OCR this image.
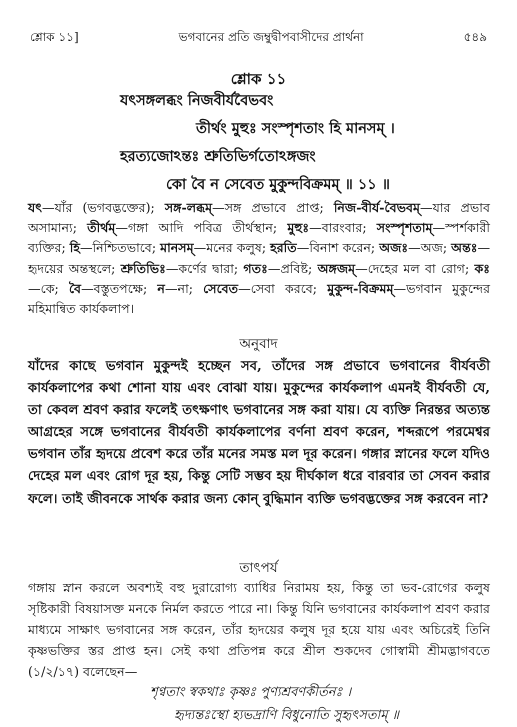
শ্লোক ১১]	ভগবানের প্রতি জম্বুদ্বীপবাসীদের প্রার্থনা	৫৪৯
শ্লোক ১১
যৎসঙ্গলব্ধং নিজবীর্যবৈভবং
তীর্থং মুহুঃ সংস্পৃশতাং হি মানসম্ ।
হরত্যজোঽন্তঃ শ্রুতিভির্গতোঽঙ্গজং
কো বৈ ন সেবেত মুকুন্দবিক্রমম্ ॥ ১১ ॥
যৎ—যাঁর (ভগবদ্ভক্তের); সঙ্গ-লব্ধম্—সঙ্গ প্রভাবে প্রাপ্ত; নিজ-বীর্য-বৈভবম্—যার প্রভাব অসামান্য; তীর্থম্—গঙ্গা আদি পবিত্র তীর্থস্থান; মুহুঃ—বারংবার; সংস্পৃশতাম্—স্পর্শকারী ব্যক্তির; হি—নিশ্চিতভাবে; মানসম্—মনের কলুষ; হরতি—বিনাশ করেন; অজঃ—অজ; অন্তঃ—হৃদয়ের অন্তস্থলে; শ্রুতিভিঃ—কর্ণের দ্বারা; গতঃ—প্রবিষ্ট; অঙ্গজম্—দেহের মল বা রোগ; কঃ—কে; বৈ—বস্তুতপক্ষে; ন—না; সেবেত—সেবা করবে; মুকুন্দ-বিক্রমম্—ভগবান মুকুন্দের মহিমান্বিত কার্যকলাপ।
অনুবাদ
যাঁদের কাছে ভগবান মুকুন্দই হচ্ছেন সব, তাঁদের সঙ্গ প্রভাবে ভগবানের বীর্যবতী কার্যকলাপের কথা শোনা যায় এবং বোঝা যায়। মুকুন্দের কার্যকলাপ এমনই বীর্যবতী যে, তা কেবল শ্রবণ করার ফলেই তৎক্ষণাৎ ভগবানের সঙ্গ করা যায়। যে ব্যক্তি নিরন্তর অত্যন্ত আগ্রহের সঙ্গে ভগবানের বীর্যবতী কার্যকলাপের বর্ণনা শ্রবণ করেন, শব্দরূপে পরমেশ্বর ভগবান তাঁর হৃদয়ে প্রবেশ করে তাঁর মনের সমস্ত মল দূর করেন। গঙ্গার স্নানের ফলে যদিও দেহের মল এবং রোগ দূর হয়, কিন্তু সেটি সম্ভব হয় দীর্ঘকাল ধরে বারবার তা সেবন করার ফলে। তাই জীবনকে সার্থক করার জন্য কোন্ বুদ্ধিমান ব্যক্তি ভগবদ্ভক্তের সঙ্গ করবেন না?
তাৎপর্য
গঙ্গায় স্নান করলে অবশ্যই বহু দুরারোগ্য ব্যাধির নিরাময় হয়, কিন্তু তা ভব-রোগের কলুষ সৃষ্টিকারী বিষয়াসক্ত মনকে নির্মল করতে পারে না। কিন্তু যিনি ভগবানের কার্যকলাপ শ্রবণ করার মাধ্যমে সাক্ষাৎ ভগবানের সঙ্গ করেন, তাঁর হৃদয়ের কলুষ দূর হয়ে যায় এবং অচিরেই তিনি কৃষ্ণভক্তির স্তর প্রাপ্ত হন। সেই কথা প্রতিপন্ন করে শ্রীল শুকদেব গোস্বামী শ্রীমদ্ভাগবতে (১/২/১৭) বলেছেন—
শৃণ্বতাং স্বকথাঃ কৃষ্ণঃ পুণ্যশ্রবণকীর্তনঃ ।
হৃদ্যন্তঃস্থো হ্যভদ্রাণি বিধুনোতি সুহৃৎসতাম্ ॥
